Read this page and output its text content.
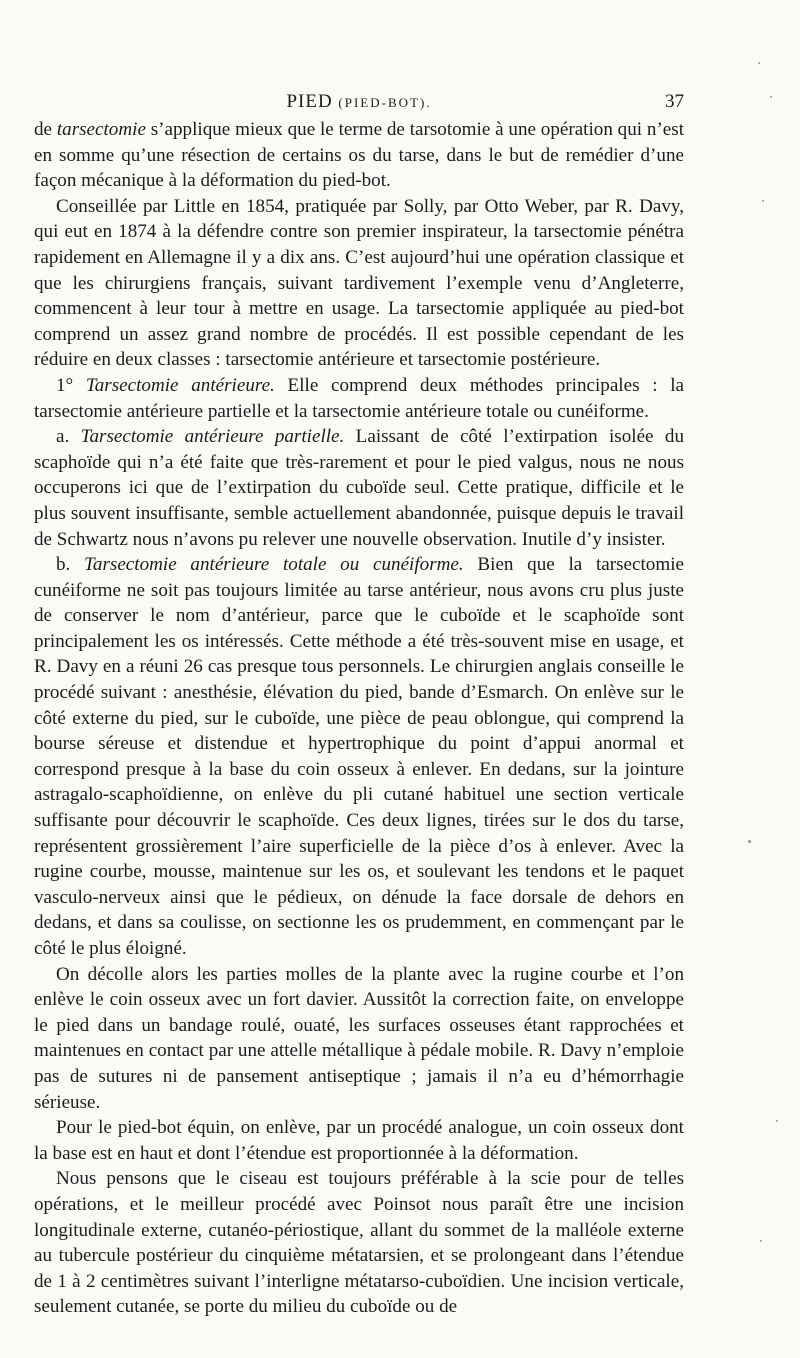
PIED (PIED-BOT).	37

de tarsectomie s’applique mieux que le terme de tarsotomie à une opération qui n’est en somme qu’une résection de certains os du tarse, dans le but de remédier d’une façon mécanique à la déformation du pied-bot.

Conseillée par Little en 1854, pratiquée par Solly, par Otto Weber, par R. Davy, qui eut en 1874 à la défendre contre son premier inspirateur, la tarsectomie pénétra rapidement en Allemagne il y a dix ans. C’est aujourd’hui une opération classique et que les chirurgiens français, suivant tardivement l’exemple venu d’Angleterre, commencent à leur tour à mettre en usage. La tarsectomie appliquée au pied-bot comprend un assez grand nombre de procédés. Il est possible cependant de les réduire en deux classes : tarsectomie antérieure et tarsectomie postérieure.

1° Tarsectomie antérieure. Elle comprend deux méthodes principales : la tarsectomie antérieure partielle et la tarsectomie antérieure totale ou cunéiforme.

a. Tarsectomie antérieure partielle. Laissant de côté l’extirpation isolée du scaphoïde qui n’a été faite que très-rarement et pour le pied valgus, nous ne nous occuperons ici que de l’extirpation du cuboïde seul. Cette pratique, difficile et le plus souvent insuffisante, semble actuellement abandonnée, puisque depuis le travail de Schwartz nous n’avons pu relever une nouvelle observation. Inutile d’y insister.

b. Tarsectomie antérieure totale ou cunéiforme. Bien que la tarsectomie cunéiforme ne soit pas toujours limitée au tarse antérieur, nous avons cru plus juste de conserver le nom d’antérieur, parce que le cuboïde et le scaphoïde sont principalement les os intéressés. Cette méthode a été très-souvent mise en usage, et R. Davy en a réuni 26 cas presque tous personnels. Le chirurgien anglais conseille le procédé suivant : anesthésie, élévation du pied, bande d’Esmarch. On enlève sur le côté externe du pied, sur le cuboïde, une pièce de peau oblongue, qui comprend la bourse séreuse et distendue et hypertrophique du point d’appui anormal et correspond presque à la base du coin osseux à enlever. En dedans, sur la jointure astragalo-scaphoïdienne, on enlève du pli cutané habituel une section verticale suffisante pour découvrir le scaphoïde. Ces deux lignes, tirées sur le dos du tarse, représentent grossièrement l’aire superficielle de la pièce d’os à enlever. Avec la rugine courbe, mousse, maintenue sur les os, et soulevant les tendons et le paquet vasculo-nerveux ainsi que le pédieux, on dénude la face dorsale de dehors en dedans, et dans sa coulisse, on sectionne les os prudemment, en commençant par le côté le plus éloigné.

On décolle alors les parties molles de la plante avec la rugine courbe et l’on enlève le coin osseux avec un fort davier. Aussitôt la correction faite, on enveloppe le pied dans un bandage roulé, ouaté, les surfaces osseuses étant rapprochées et maintenues en contact par une attelle métallique à pédale mobile. R. Davy n’emploie pas de sutures ni de pansement antiseptique ; jamais il n’a eu d’hémorrhagie sérieuse.

Pour le pied-bot équin, on enlève, par un procédé analogue, un coin osseux dont la base est en haut et dont l’étendue est proportionnée à la déformation.

Nous pensons que le ciseau est toujours préférable à la scie pour de telles opérations, et le meilleur procédé avec Poinsot nous paraît être une incision longitudinale externe, cutanéo-périostique, allant du sommet de la malléole externe au tubercule postérieur du cinquième métatarsien, et se prolongeant dans l’étendue de 1 à 2 centimètres suivant l’interligne métatarso-cuboïdien. Une incision verticale, seulement cutanée, se porte du milieu du cuboïde ou de
